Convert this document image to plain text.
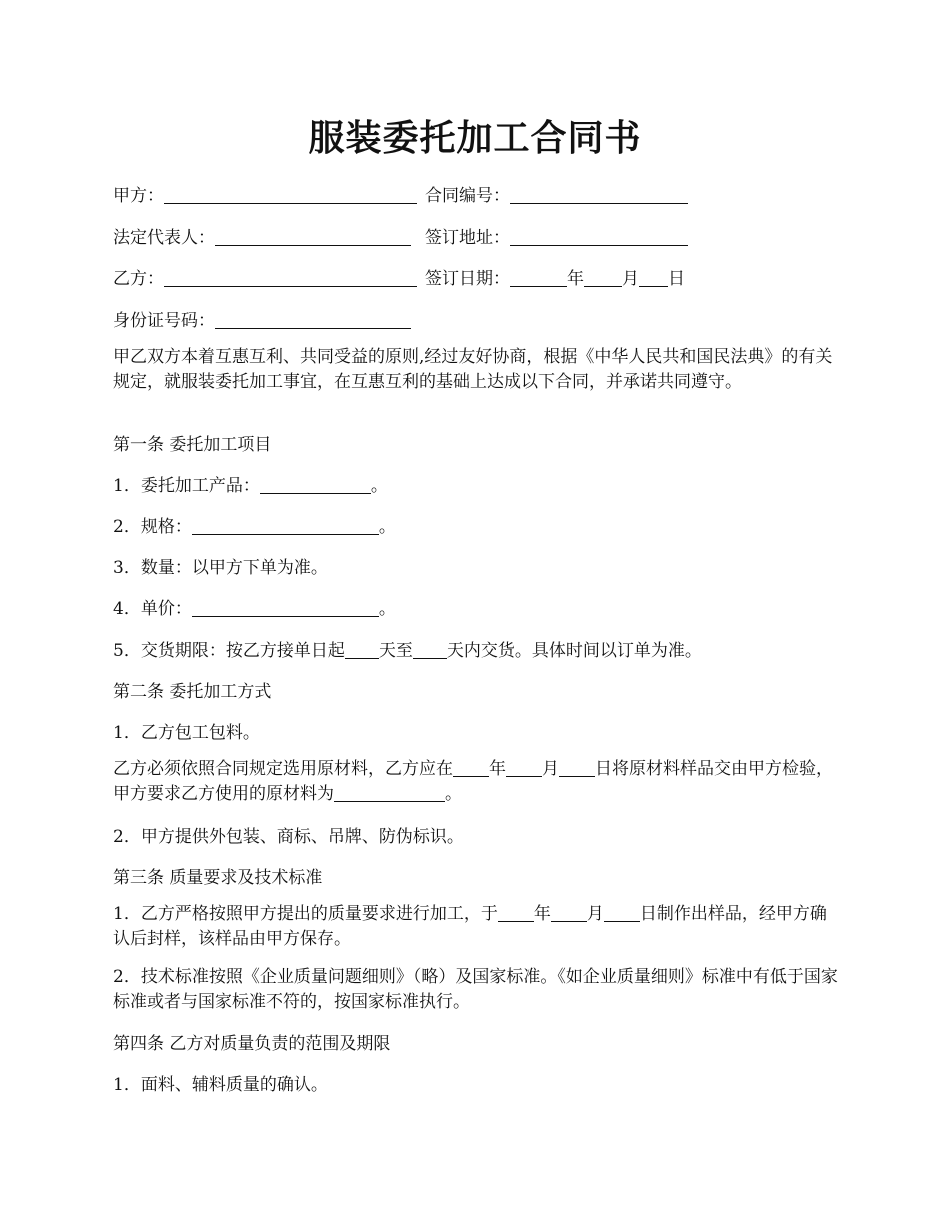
服装委托加工合同书
甲方：	合同编号：
法定代表人：	签订地址：
乙方：	签订日期：	年 月 日
身份证号码：
甲乙双方本着互惠互利、共同受益的原则,经过友好协商，根据《中华人民共和国民法典》的有关规定，就服装委托加工事宜，在互惠互利的基础上达成以下合同，并承诺共同遵守。
第一条 委托加工项目
1．委托加工产品：	。
2．规格：	。
3．数量：以甲方下单为准。
4．单价：	。
5．交货期限：按乙方接单日起 天至 天内交货。具体时间以订单为准。
第二条 委托加工方式
1．乙方包工包料。
乙方必须依照合同规定选用原材料，乙方应在 年 月 日将原材料样品交由甲方检验，甲方要求乙方使用的原材料为	。
2．甲方提供外包装、商标、吊牌、防伪标识。
第三条 质量要求及技术标准
1．乙方严格按照甲方提出的质量要求进行加工，于 年 月 日制作出样品，经甲方确认后封样，该样品由甲方保存。
2．技术标准按照《企业质量问题细则》（略）及国家标准。《如企业质量细则》标准中有低于国家标准或者与国家标准不符的，按国家标准执行。
第四条 乙方对质量负责的范围及期限
1．面料、辅料质量的确认。
